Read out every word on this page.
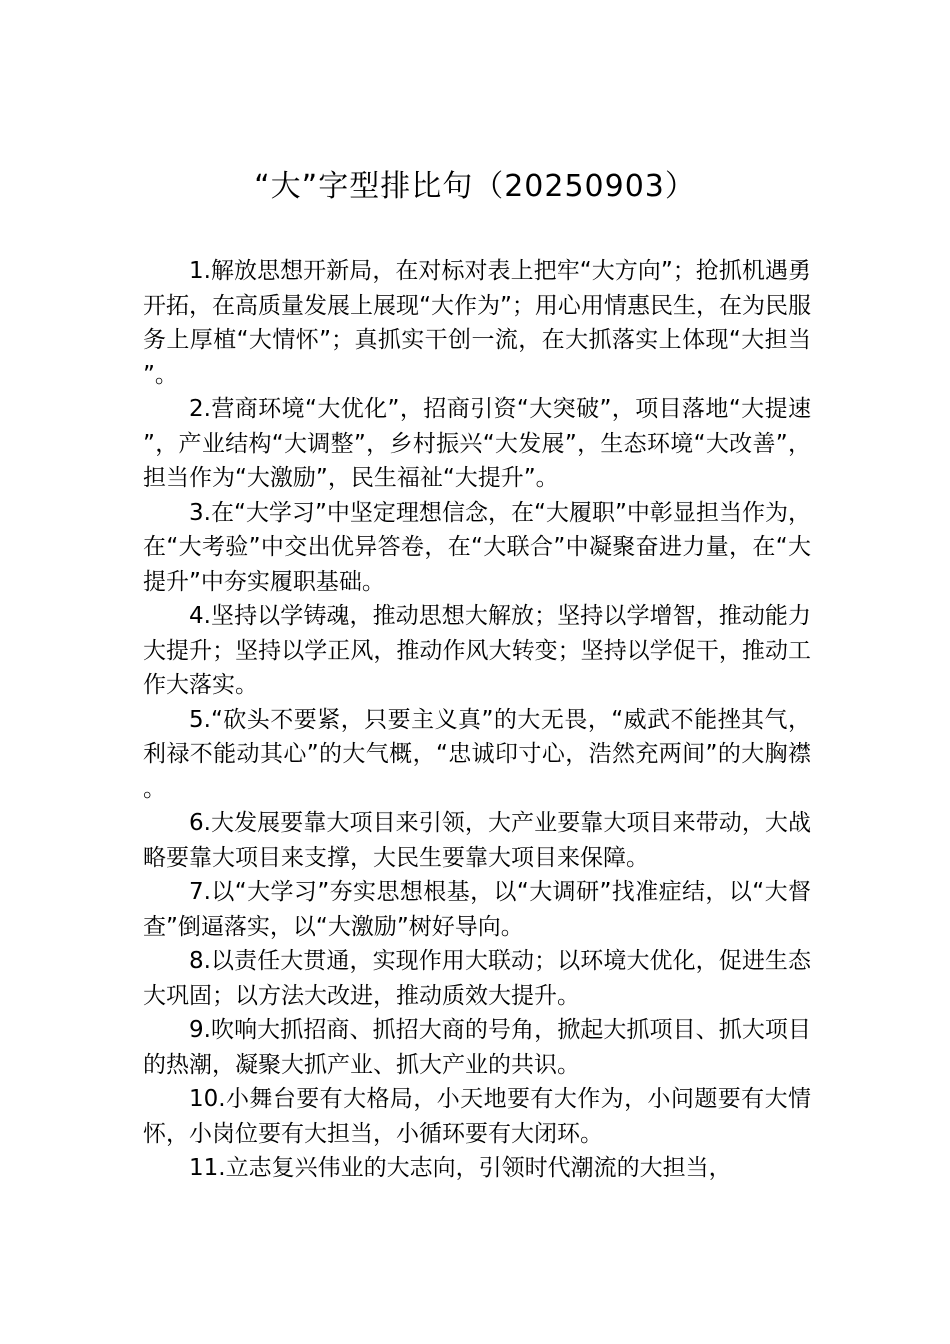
“大”字型排比句（20250903）

1.解放思想开新局，在对标对表上把牢“大方向”；抢抓机遇勇开拓，在高质量发展上展现“大作为”；用心用情惠民生，在为民服务上厚植“大情怀”；真抓实干创一流，在大抓落实上体现“大担当”。

2.营商环境“大优化”，招商引资“大突破”，项目落地“大提速”，产业结构“大调整”，乡村振兴“大发展”，生态环境“大改善”，担当作为“大激励”，民生福祉“大提升”。

3.在“大学习”中坚定理想信念，在“大履职”中彰显担当作为，在“大考验”中交出优异答卷，在“大联合”中凝聚奋进力量，在“大提升”中夯实履职基础。

4.坚持以学铸魂，推动思想大解放；坚持以学增智，推动能力大提升；坚持以学正风，推动作风大转变；坚持以学促干，推动工作大落实。

5.“砍头不要紧，只要主义真”的大无畏，“威武不能挫其气，利禄不能动其心”的大气概，“忠诚印寸心，浩然充两间”的大胸襟。

6.大发展要靠大项目来引领，大产业要靠大项目来带动，大战略要靠大项目来支撑，大民生要靠大项目来保障。

7.以“大学习”夯实思想根基，以“大调研”找准症结，以“大督查”倒逼落实，以“大激励”树好导向。

8.以责任大贯通，实现作用大联动；以环境大优化，促进生态大巩固；以方法大改进，推动质效大提升。

9.吹响大抓招商、抓招大商的号角，掀起大抓项目、抓大项目的热潮，凝聚大抓产业、抓大产业的共识。

10.小舞台要有大格局，小天地要有大作为，小问题要有大情怀，小岗位要有大担当，小循环要有大闭环。

11.立志复兴伟业的大志向，引领时代潮流的大担当，
